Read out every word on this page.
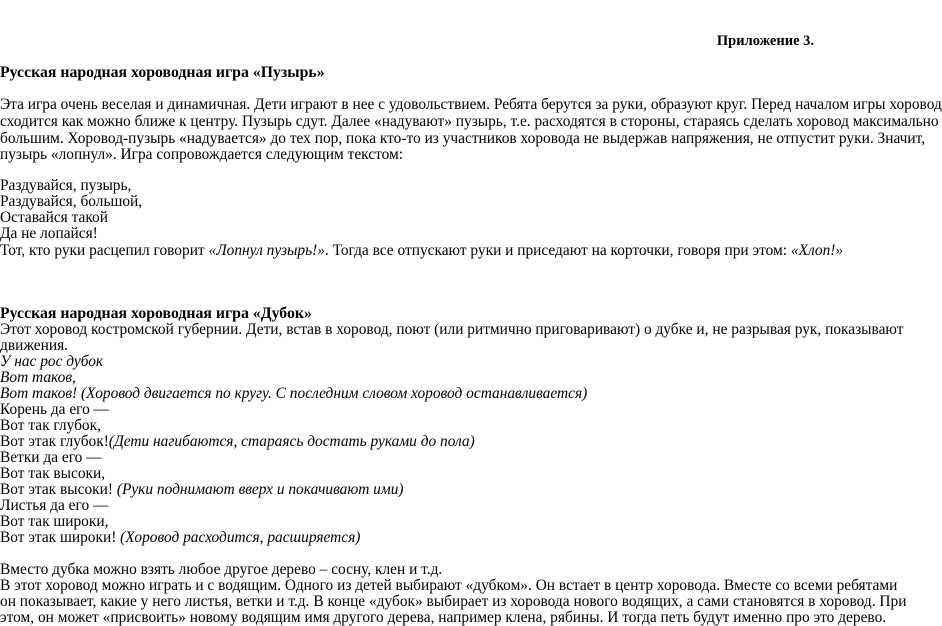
Приложение 3.
Русская народная хороводная игра «Пузырь»
Эта игра очень веселая и динамичная. Дети играют в нее с удовольствием. Ребята берутся за руки, образуют круг. Перед началом игры хоровод
сходится как можно ближе к центру. Пузырь сдут. Далее «надувают» пузырь, т.е. расходятся в стороны, стараясь сделать хоровод максимально
большим. Хоровод-пузырь «надувается» до тех пор, пока кто-то из участников хоровода не выдержав напряжения, не отпустит руки. Значит,
пузырь «лопнул». Игра сопровождается следующим текстом:
Раздувайся, пузырь,
Раздувайся, большой,
Оставайся такой
Да не лопайся!
Тот, кто руки расцепил говорит «Лопнул пузырь!». Тогда все отпускают руки и приседают на корточки, говоря при этом: «Хлоп!»
Русская народная хороводная игра «Дубок»
Этот хоровод костромской губернии. Дети, встав в хоровод, поют (или ритмично приговаривают) о дубке и, не разрывая рук, показывают
движения.
У нас рос дубок
Вот таков,
Вот таков! (Хоровод двигается по кругу. С последним словом хоровод останавливается)
Корень да его —
Вот так глубок,
Вот этак глубок!(Дети нагибаются, стараясь достать руками до пола)
Ветки да его —
Вот так высоки,
Вот этак высоки! (Руки поднимают вверх и покачивают ими)
Листья да его —
Вот так широки,
Вот этак широки! (Хоровод расходится, расширяется)
Вместо дубка можно взять любое другое дерево – сосну, клен и т.д.
В этот хоровод можно играть и с водящим. Одного из детей выбирают «дубком». Он встает в центр хоровода. Вместе со всеми ребятами
он показывает, какие у него листья, ветки и т.д. В конце «дубок» выбирает из хоровода нового водящих, а сами становятся в хоровод. При
этом, он может «присвоить» новому водящим имя другого дерева, например клена, рябины. И тогда петь будут именно про это дерево.
